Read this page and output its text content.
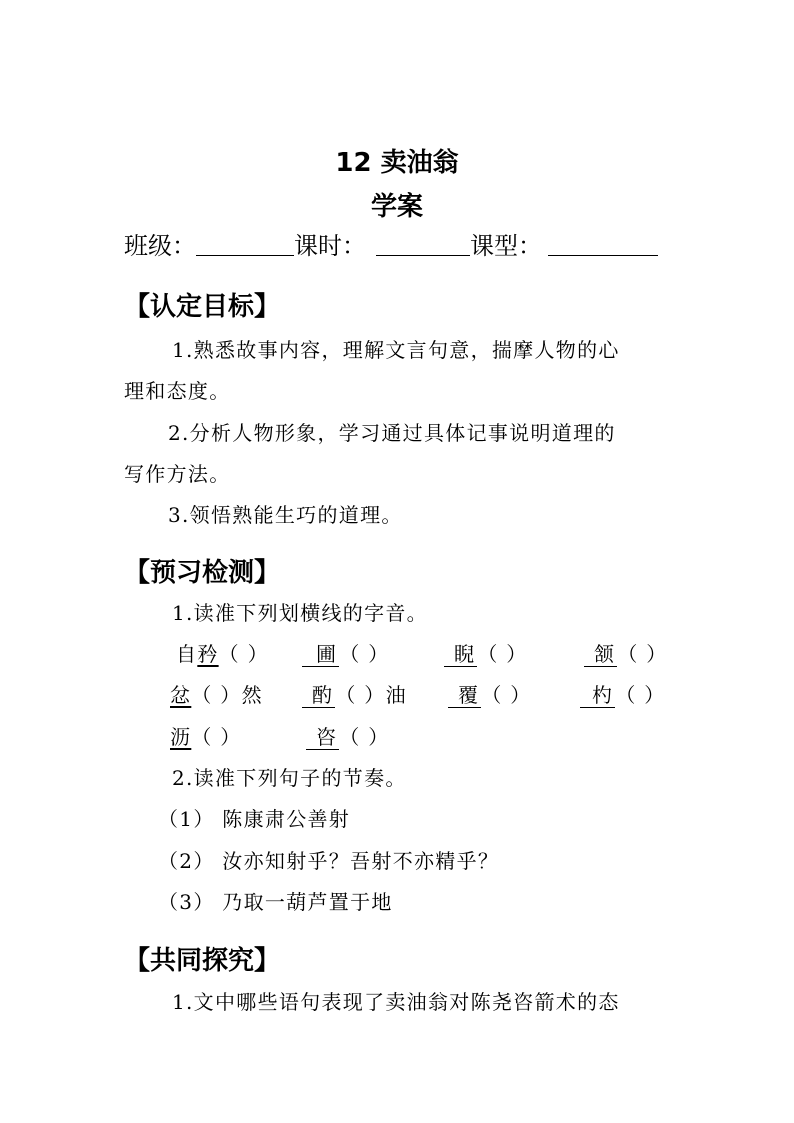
12 卖油翁
学案
班级：	课时：	课型：
【认定目标】
1.熟悉故事内容，理解文言句意，揣摩人物的心
理和态度。
2.分析人物形象，学习通过具体记事说明道理的
写作方法。
3.领悟熟能生巧的道理。
【预习检测】
1.读准下列划横线的字音。
自矜（ ）	圃 （ ）	睨 （ ）	颔 （ ）
忿（ ）然	酌 （ ）油	覆 （ ）	杓 （ ）
沥（ ）	咨 （ ）
2.读准下列句子的节奏。
（1） 陈康肃公善射
（2） 汝亦知射乎？吾射不亦精乎？
（3） 乃取一葫芦置于地
【共同探究】
1.文中哪些语句表现了卖油翁对陈尧咨箭术的态
